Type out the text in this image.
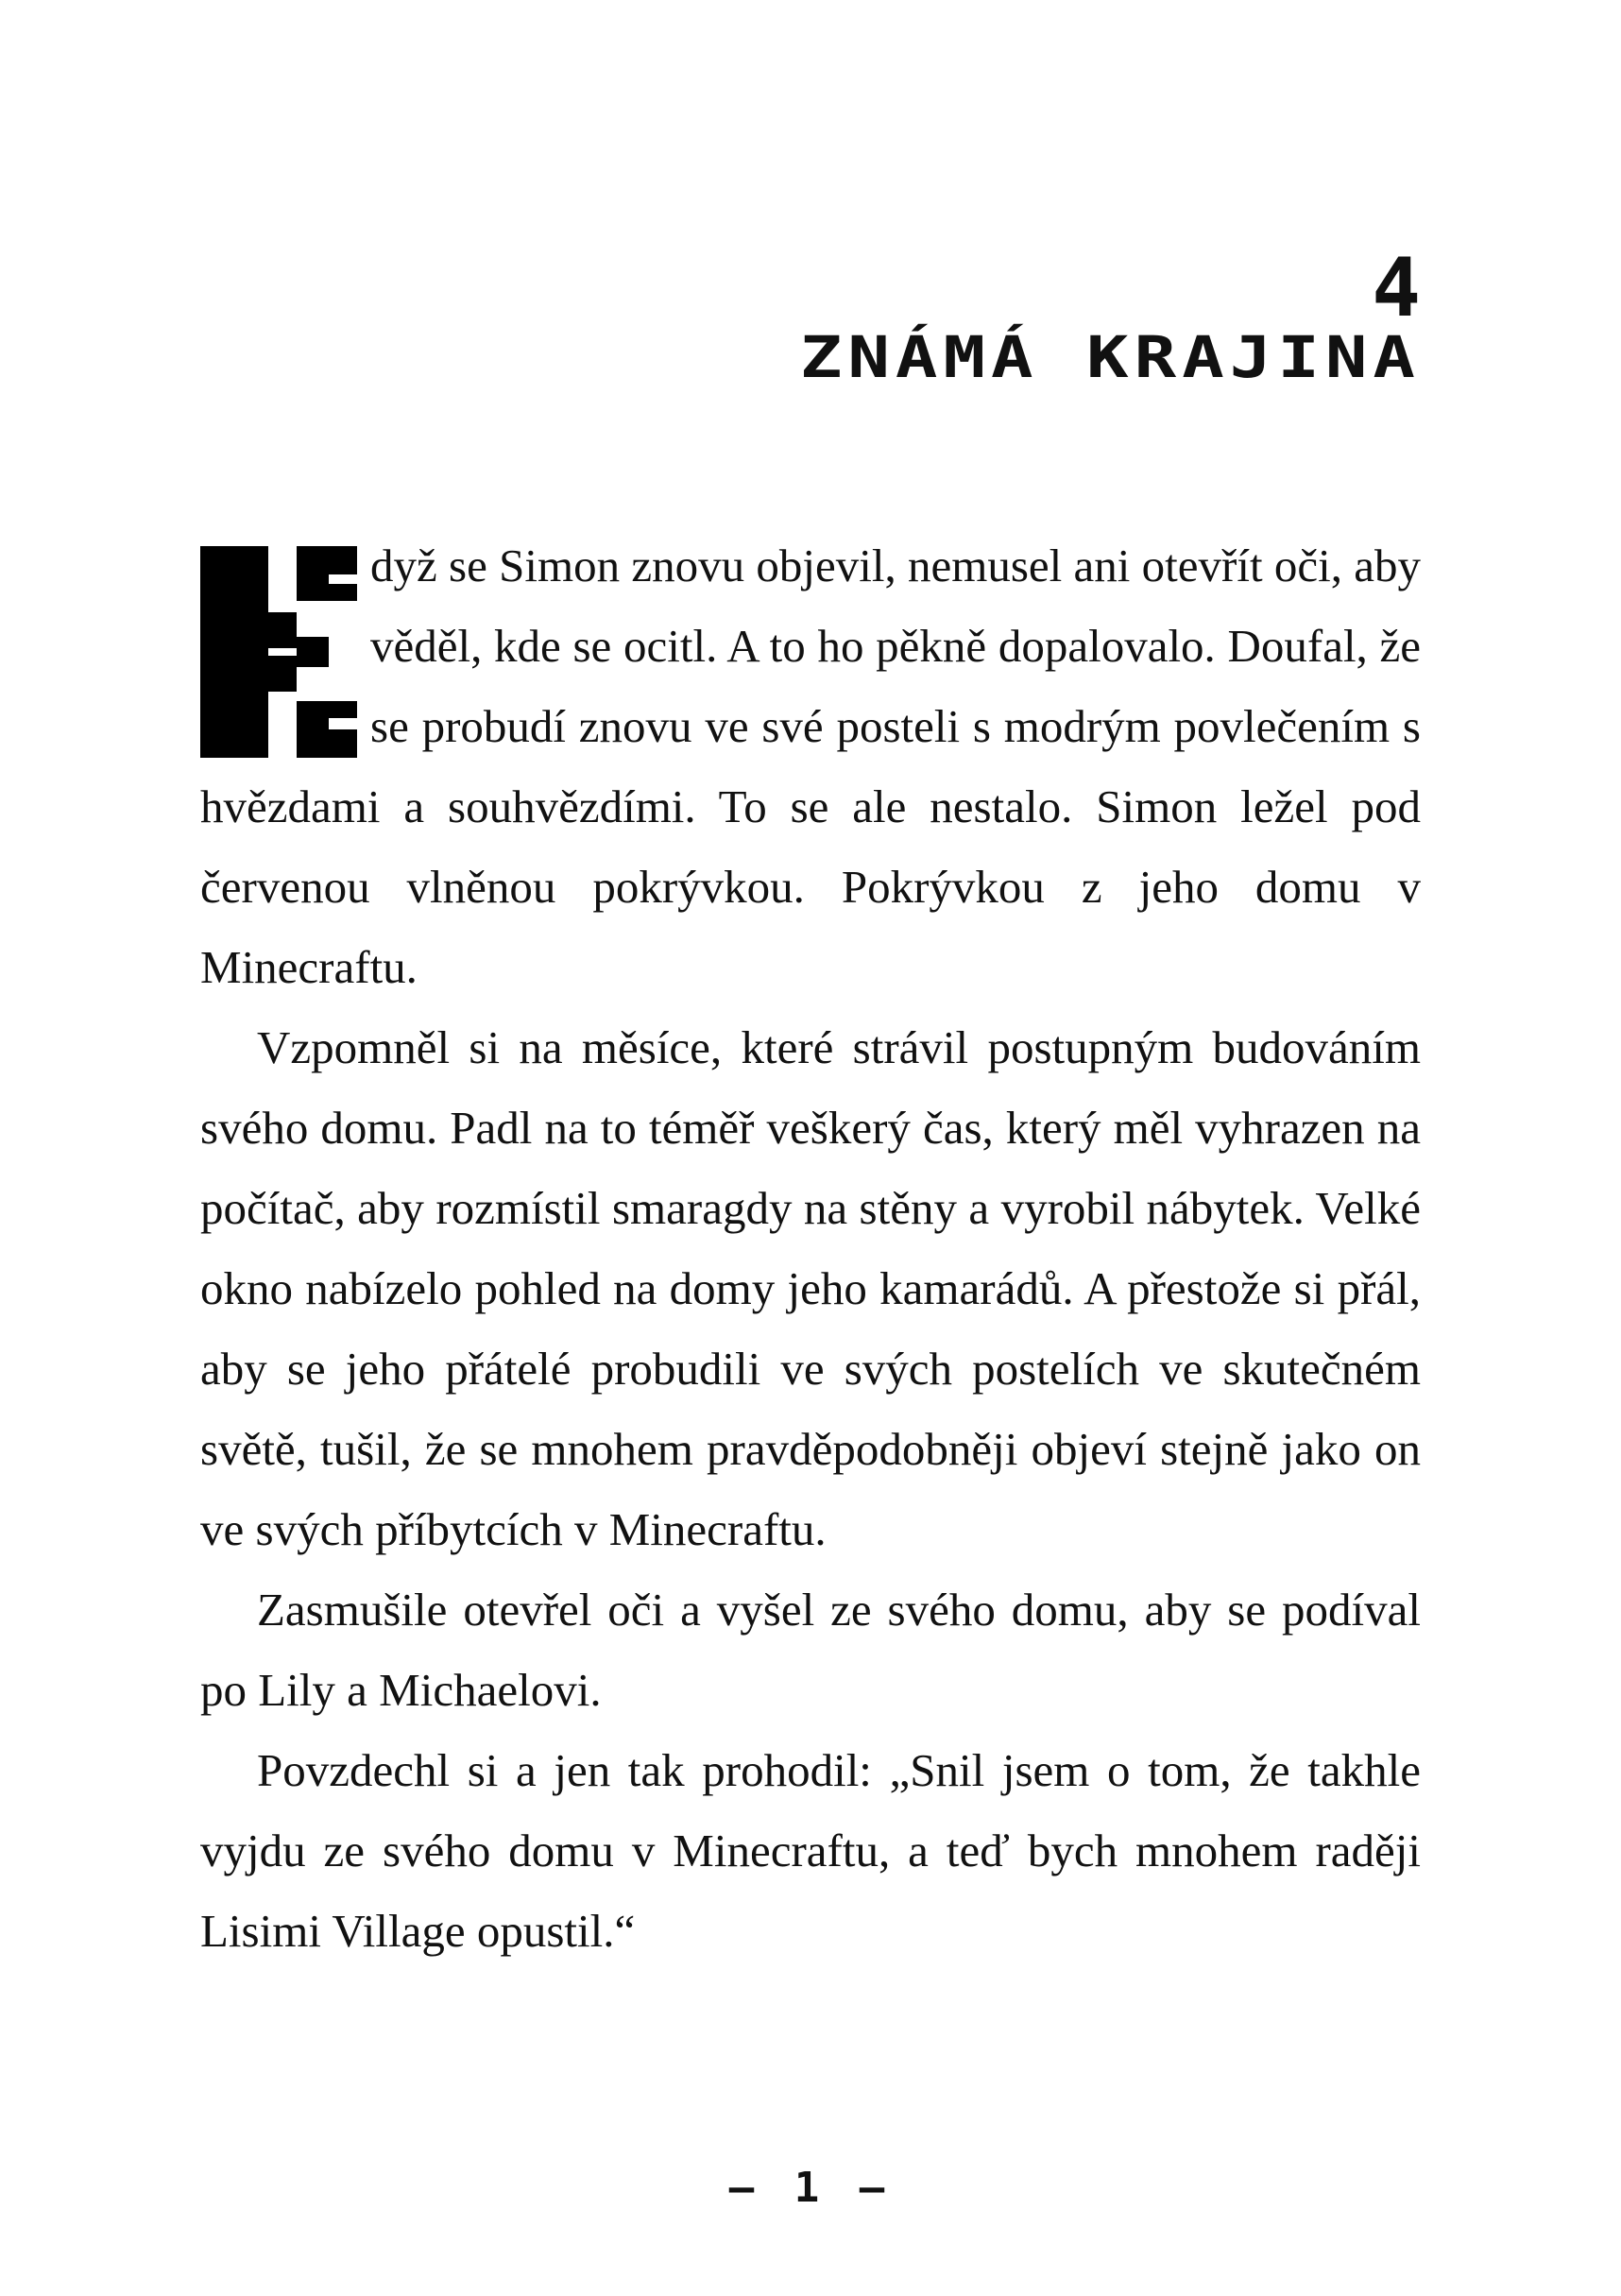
4
ZNÁMÁ KRAJINA

dyž se Simon znovu objevil, nemusel ani otevřít oči, aby věděl, kde se ocitl. A to ho pěkně dopalovalo. Doufal, že se probudí znovu ve své posteli s modrým povlečením s hvězdami a souhvězdími. To se ale nestalo. Simon ležel pod červenou vlněnou pokrývkou. Pokrývkou z jeho domu v Minecraftu.

Vzpomněl si na měsíce, které strávil postupným budováním svého domu. Padl na to téměř veškerý čas, který měl vyhrazen na počítač, aby rozmístil smaragdy na stěny a vyrobil nábytek. Velké okno nabízelo pohled na domy jeho kamarádů. A přestože si přál, aby se jeho přátelé probudili ve svých postelích ve skutečném světě, tušil, že se mnohem pravděpodobněji objeví stejně jako on ve svých příbytcích v Minecraftu.

Zasmušile otevřel oči a vyšel ze svého domu, aby se podíval po Lily a Michaelovi.

Povzdechl si a jen tak prohodil: „Snil jsem o tom, že takhle vyjdu ze svého domu v Minecraftu, a teď bych mnohem raději Lisimi Village opustil.“

– 1 –
